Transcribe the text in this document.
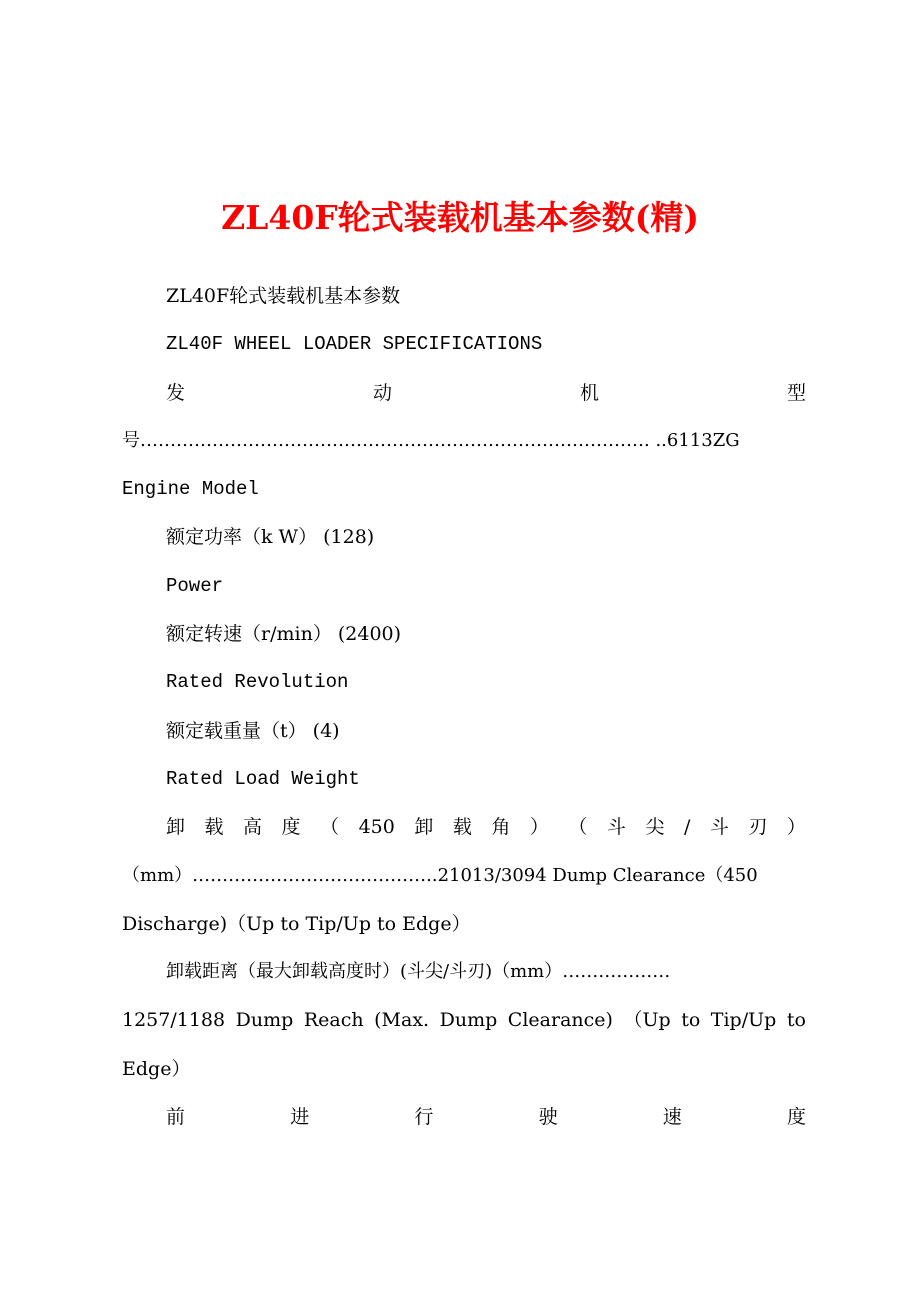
ZL40F轮式装载机基本参数(精)
ZL40F轮式装载机基本参数
ZL40F WHEEL LOADER SPECIFICATIONS
发	动	机	型
号…………………………………………………………………………. ..6113ZG
Engine Model
额定功率（k W） (128)
Power
额定转速（r/min） (2400)
Rated Revolution
额定载重量（t） (4)
Rated Load Weight
卸 载 高 度 （ 450 卸 载 角 ） （ 斗 尖 / 斗 刃 ）
（mm）…………………………………..21013/3094 Dump Clearance（450
Discharge)（Up to Tip/Up to Edge）
卸载距离（最大卸载高度时）(斗尖/斗刃)（mm）………………
1257/1188 Dump Reach (Max. Dump Clearance) （Up to Tip/Up to
Edge）
前	进	行	驶	速	度
